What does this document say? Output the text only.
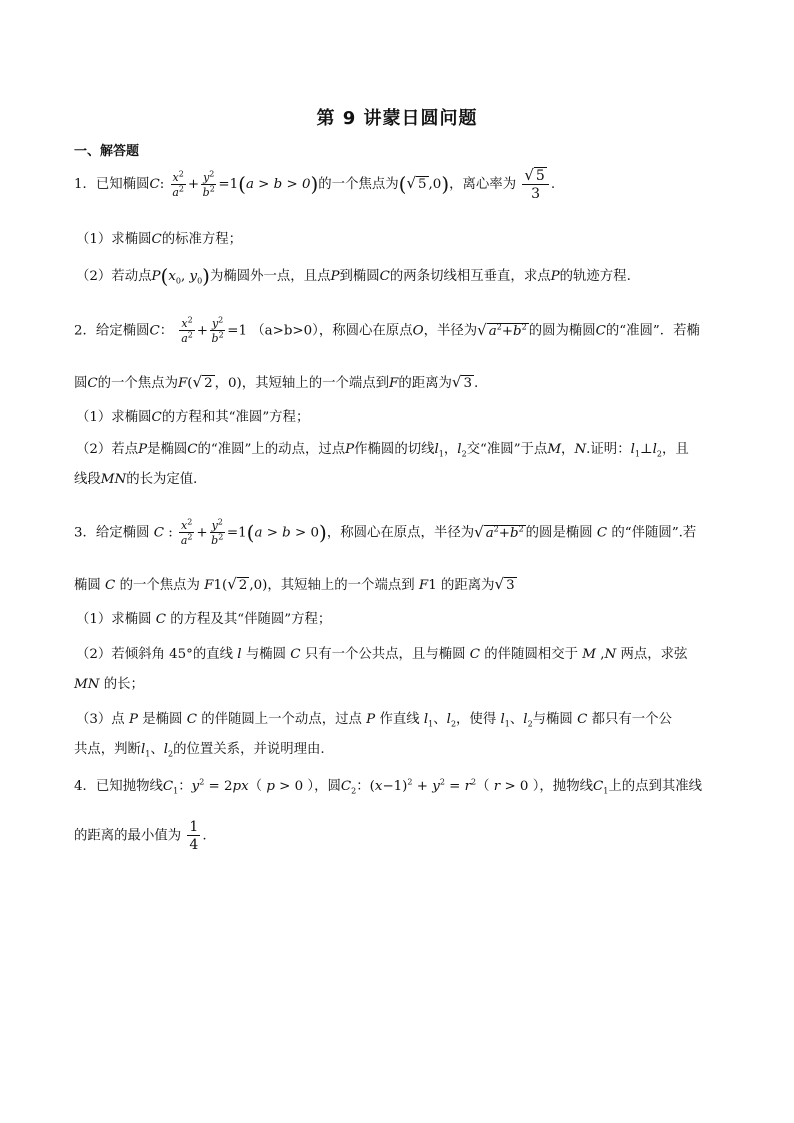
第 9 讲蒙日圆问题
一、解答题
1．已知椭圆C: $\frac{x^2}{a^2} + \frac{y^2}{b^2} =1(a > b > 0)$的一个焦点为(√ 5 ,0)，离心率为 $\frac{√ 5}{3}$ .
（1）求椭圆C的标准方程；
（2）若动点$P(x_0$, $y_0$)为椭圆外一点，且点P到椭圆C的两条切线相互垂直，求点P的轨迹方程.
2．给定椭圆C： $\frac{x^2}{a^2} + \frac{y^2}{b^2} =1$ （a>b>0），称圆心在原点O，半径为√ $a^2+b^2$ 的圆为椭圆C的“准圆”．若椭
圆C的一个焦点为F(√ 2 ，0)，其短轴上的一个端点到F的距离为√ 3 .
（1）求椭圆C的方程和其“准圆”方程；
（2）若点P是椭圆C的“准圆”上的动点，过点P作椭圆的切线$l_1$，$l_2$交“准圆”于点M，N.证明：$l_1\perp l_2$，且
线段MN的长为定值．
3．给定椭圆 C : $\frac{x^2}{a^2} + \frac{y^2}{b^2} =1(a > b > 0)$，称圆心在原点，半径为√ $a^2+b^2$ 的圆是椭圆 C 的“伴随圆”.若
椭圆 C 的一个焦点为 F1(√ 2 ,0)，其短轴上的一个端点到 F1 的距离为√ 3
（1）求椭圆 C 的方程及其“伴随圆”方程；
（2）若倾斜角 45°的直线 l 与椭圆 C 只有一个公共点，且与椭圆 C 的伴随圆相交于 M ,N 两点，求弦
MN 的长；
（3）点 P 是椭圆 C 的伴随圆上一个动点，过点 P 作直线 $l_1$、$l_2$，使得 $l_1$、$l_2$与椭圆 C 都只有一个公
共点，判断$l_1$、$l_2$的位置关系，并说明理由.
4．已知抛物线$C_1$：$y^2 = 2px$（ p > 0 ），圆$C_2$：$(x-1)^2 + y^2 = r^2$（ r > 0 ），抛物线$C_1$上的点到其准线
的距离的最小值为 $\frac{1}{4}$ .
